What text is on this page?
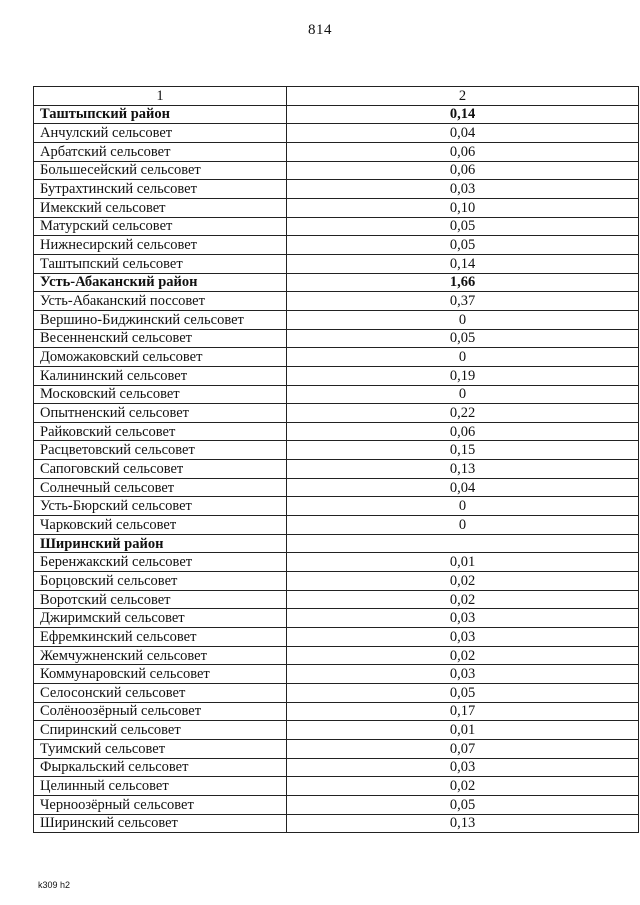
814
1	2
Таштыпский район	0,14
Анчулский сельсовет	0,04
Арбатский сельсовет	0,06
Большесейский сельсовет	0,06
Бутрахтинский сельсовет	0,03
Имекский сельсовет	0,10
Матурский сельсовет	0,05
Нижнесирский сельсовет	0,05
Таштыпский сельсовет	0,14
Усть-Абаканский район	1,66
Усть-Абаканский поссовет	0,37
Вершино-Биджинский сельсовет	0
Весенненский сельсовет	0,05
Доможаковский сельсовет	0
Калининский сельсовет	0,19
Московский сельсовет	0
Опытненский сельсовет	0,22
Райковский сельсовет	0,06
Расцветовский сельсовет	0,15
Сапоговский сельсовет	0,13
Солнечный сельсовет	0,04
Усть-Бюрский сельсовет	0
Чарковский сельсовет	0
Ширинский район	
Беренжакский сельсовет	0,01
Борцовский сельсовет	0,02
Воротский сельсовет	0,02
Джиримский сельсовет	0,03
Ефремкинский сельсовет	0,03
Жемчужненский сельсовет	0,02
Коммунаровский сельсовет	0,03
Селосонский сельсовет	0,05
Солёноозёрный сельсовет	0,17
Спиринский сельсовет	0,01
Туимский сельсовет	0,07
Фыркальский сельсовет	0,03
Целинный сельсовет	0,02
Черноозёрный сельсовет	0,05
Ширинский сельсовет	0,13
k309 h2
